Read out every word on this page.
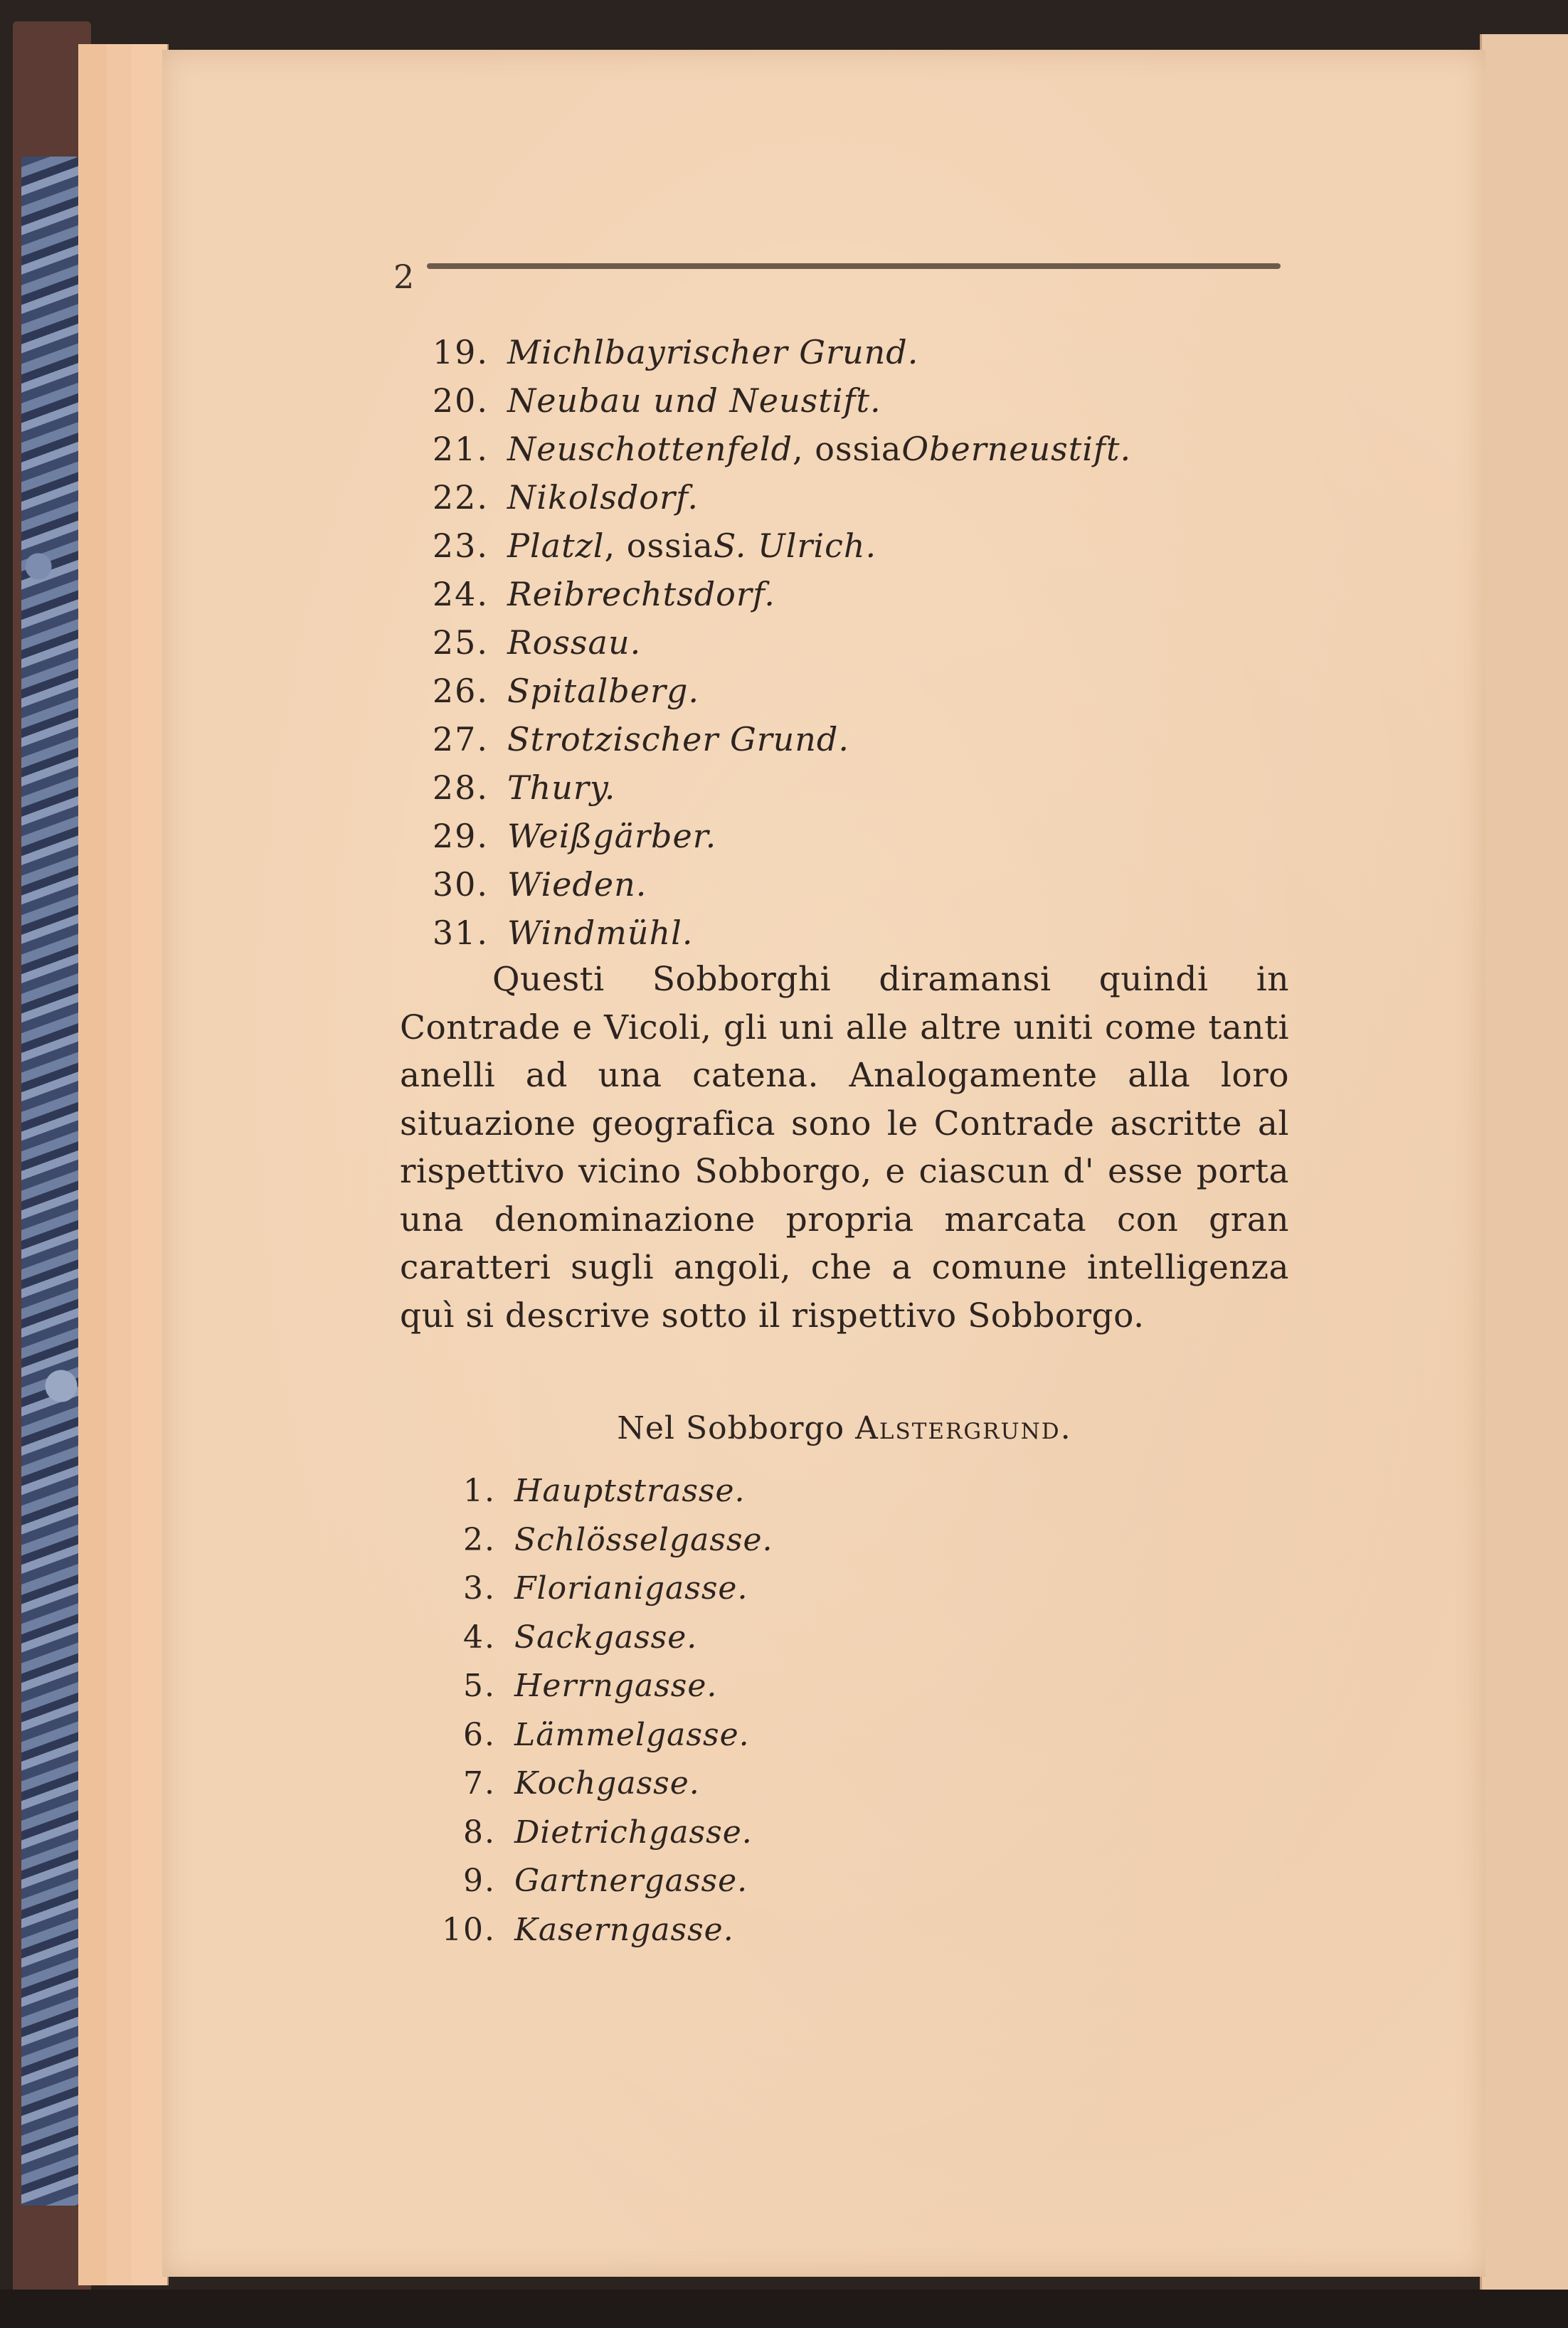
2
19. Michlbayrischer Grund.
20. Neubau und Neustift.
21. Neuschottenfeld , ossia Oberneustift.
22. Nikolsdorf.
23. Platzl , ossia S. Ulrich.
24. Reibrechtsdorf.
25. Rossau.
26. Spitalberg.
27. Strotzischer Grund.
28. Thury.
29. Weißgärber.
30. Wieden.
31. Windmühl.

Questi Sobborghi diramansi quindi in Contrade e Vicoli, gli uni alle altre uniti come tanti anelli ad una catena. Analogamente alla loro situazione geografica sono le Contrade ascritte al rispettivo vicino Sobborgo, e ciascun d' esse porta una denominazione propria marcata con gran caratteri sugli angoli, che a comune intelligenza quì si descrive sotto il rispettivo Sobborgo.

Nel Sobborgo Alstergrund.
1. Hauptstrasse.
2. Schlösselgasse.
3. Florianigasse.
4. Sackgasse.
5. Herrngasse.
6. Lämmelgasse.
7. Kochgasse.
8. Dietrichgasse.
9. Gartnergasse.
10. Kaserngasse.
